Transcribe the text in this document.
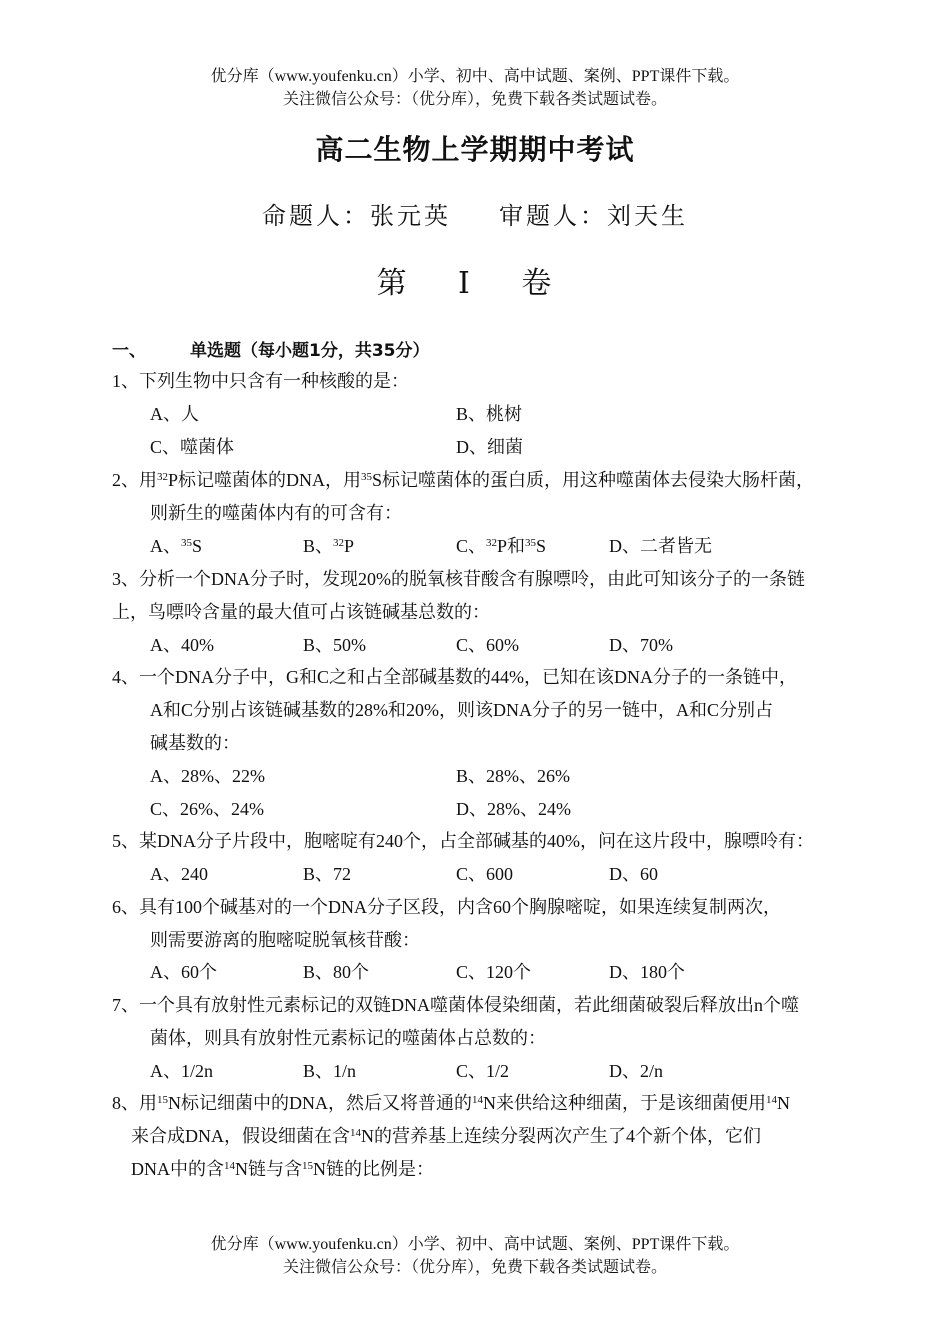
优分库（www.youfenku.cn）小学、初中、高中试题、案例、PPT课件下载。
关注微信公众号：（优分库），免费下载各类试题试卷。
高二生物上学期期中考试
命题人：张元英 审题人：刘天生
第 Ⅰ 卷
一、	单选题（每小题1分，共35分）
1、下列生物中只含有一种核酸的是：
A、人	B、桃树
C、噬菌体	D、细菌
2、用$^{32}$P标记噬菌体的DNA，用$^{35}$S标记噬菌体的蛋白质，用这种噬菌体去侵染大肠杆菌，
则新生的噬菌体内有的可含有：
A、$^{35}$S	B、$^{32}$P	C、$^{32}$P和$^{35}$S	D、二者皆无
3、分析一个DNA分子时，发现20%的脱氧核苷酸含有腺嘌呤，由此可知该分子的一条链
上，鸟嘌呤含量的最大值可占该链碱基总数的：
A、40%	B、50%	C、60%	D、70%
4、一个DNA分子中，G和C之和占全部碱基数的44%，已知在该DNA分子的一条链中，
A和C分别占该链碱基数的28%和20%，则该DNA分子的另一链中，A和C分别占
碱基数的：
A、28%、22%	B、28%、26%
C、26%、24%	D、28%、24%
5、某DNA分子片段中，胞嘧啶有240个，占全部碱基的40%，问在这片段中，腺嘌呤有：
A、240	B、72	C、600	D、60
6、具有100个碱基对的一个DNA分子区段，内含60个胸腺嘧啶，如果连续复制两次，
则需要游离的胞嘧啶脱氧核苷酸：
A、60个	B、80个	C、120个	D、180个
7、一个具有放射性元素标记的双链DNA噬菌体侵染细菌，若此细菌破裂后释放出n个噬
菌体，则具有放射性元素标记的噬菌体占总数的：
A、1/2n	B、1/n	C、1/2	D、2/n
8、用$^{15}$N标记细菌中的DNA，然后又将普通的$^{14}$N来供给这种细菌，于是该细菌便用$^{14}$N
来合成DNA，假设细菌在含$^{14}$N的营养基上连续分裂两次产生了4个新个体，它们
DNA中的含$^{14}$N链与含$^{15}$N链的比例是：
优分库（www.youfenku.cn）小学、初中、高中试题、案例、PPT课件下载。
关注微信公众号：（优分库），免费下载各类试题试卷。
